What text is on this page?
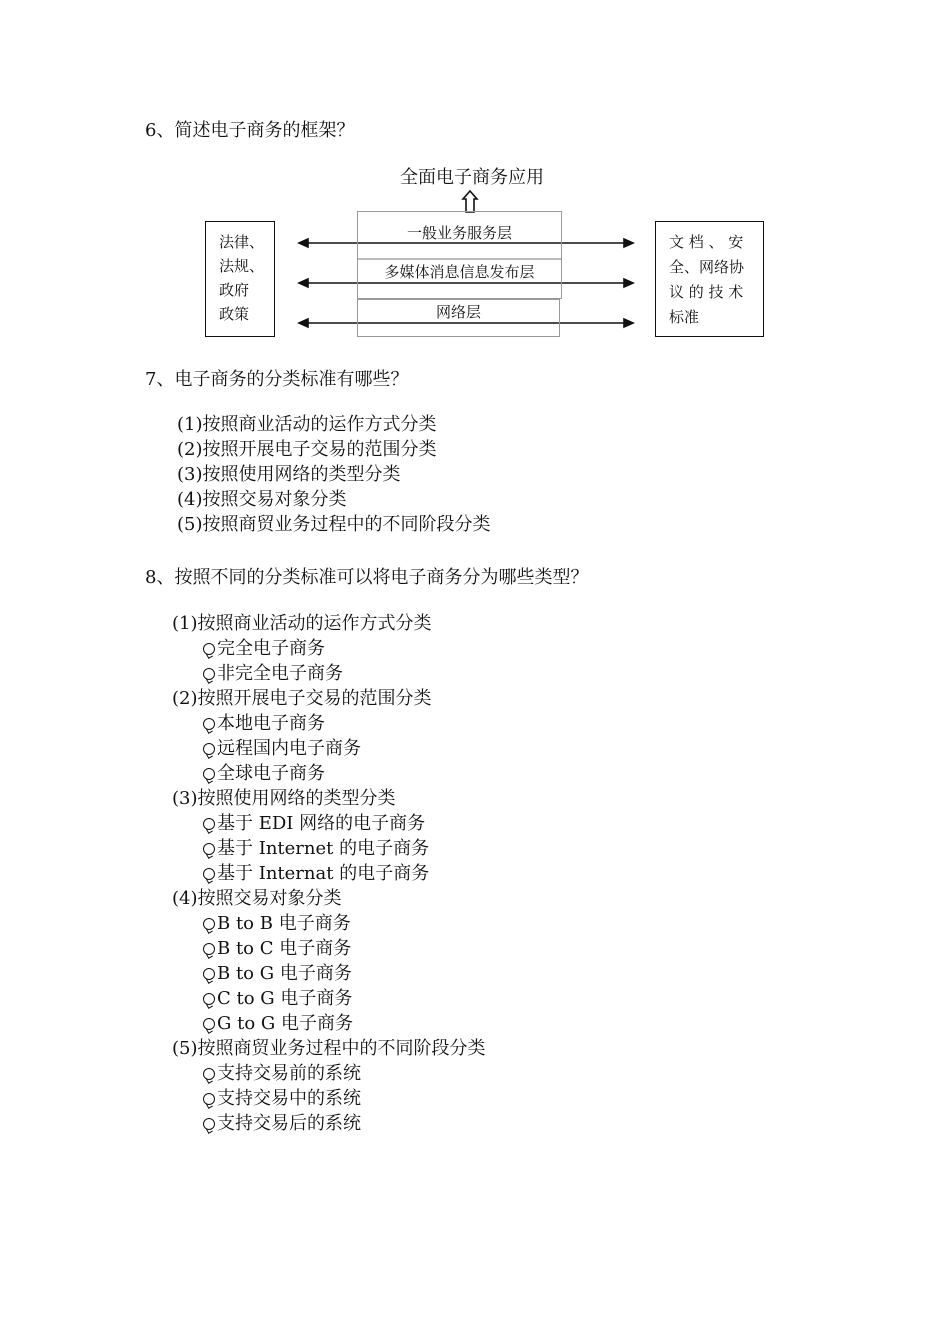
6、简述电子商务的框架？
全面电子商务应用
一般业务服务层
多媒体消息信息发布层
网络层
法律、
法规、
政府
政策
文 档 、 安
全、网络协
议 的 技 术
标准
7、电子商务的分类标准有哪些？
(1)按照商业活动的运作方式分类
(2)按照开展电子交易的范围分类
(3)按照使用网络的类型分类
(4)按照交易对象分类
(5)按照商贸业务过程中的不同阶段分类
8、按照不同的分类标准可以将电子商务分为哪些类型？
(1)按照商业活动的运作方式分类
完全电子商务
非完全电子商务
(2)按照开展电子交易的范围分类
本地电子商务
远程国内电子商务
全球电子商务
(3)按照使用网络的类型分类
基于 EDI 网络的电子商务
基于 Internet 的电子商务
基于 Internat 的电子商务
(4)按照交易对象分类
B to B 电子商务
B to C 电子商务
B to G 电子商务
C to G 电子商务
G to G 电子商务
(5)按照商贸业务过程中的不同阶段分类
支持交易前的系统
支持交易中的系统
支持交易后的系统
